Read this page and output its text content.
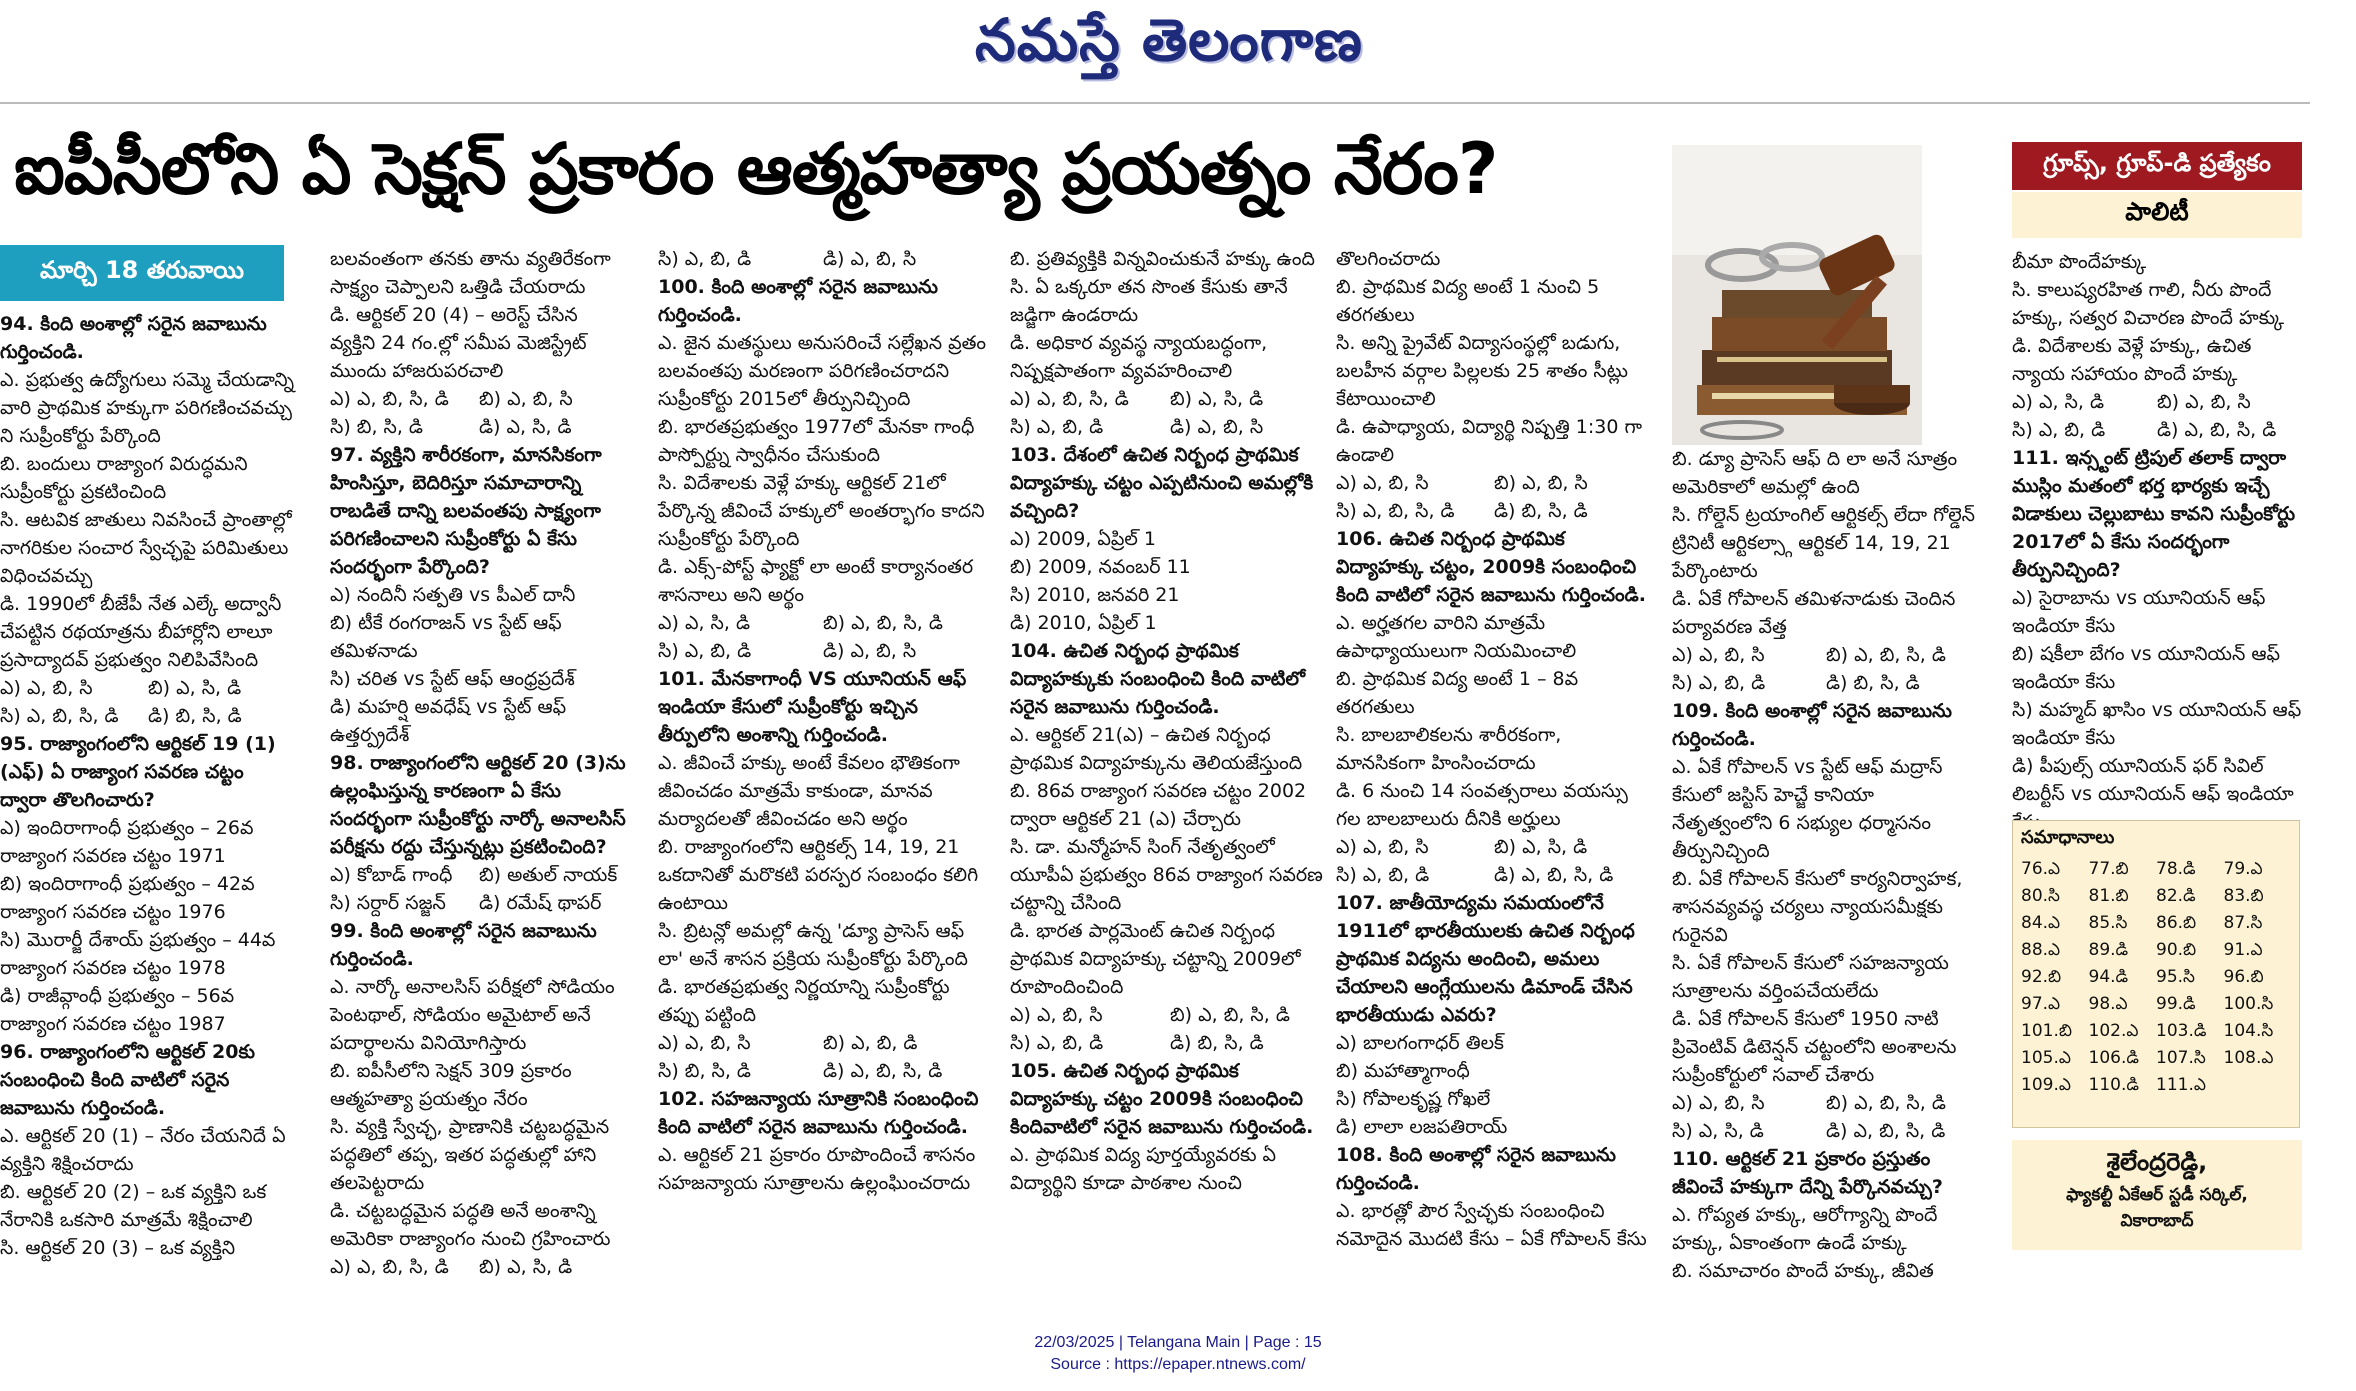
నమస్తే తెలంగాణ
ఐపీసీలోని ఏ సెక్షన్ ప్రకారం ఆత్మహత్యా ప్రయత్నం నేరం?
మార్చి 18 తరువాయి

94. కింది అంశాల్లో సరైన జవాబును గుర్తించండి.

ఎ. ప్రభుత్వ ఉద్యోగులు సమ్మె చేయడాన్ని వారి ప్రాథమిక హక్కుగా పరిగణించవచ్చు ని సుప్రీంకోర్టు పేర్కొంది

బి. బందులు రాజ్యాంగ విరుద్ధమని సుప్రీంకోర్టు ప్రకటించింది

సి. ఆటవిక జాతులు నివసించే ప్రాంతాల్లో నాగరికుల సంచార స్వేచ్ఛపై పరిమితులు విధించవచ్చు

డి. 1990లో బీజేపీ నేత ఎల్కే అద్వానీ చేపట్టిన రథయాత్రను బీహార్లోని లాలూ ప్రసాద్యాదవ్ ప్రభుత్వం నిలిపివేసింది

ఎ) ఎ, బి, సి	బి) ఎ, సి, డి
సి) ఎ, బి, సి, డి	డి) బి, సి, డి

95. రాజ్యాంగంలోని ఆర్టికల్ 19 (1) (ఎఫ్) ఏ రాజ్యాంగ సవరణ చట్టం ద్వారా తొలగించారు?

ఎ) ఇందిరాగాంధీ ప్రభుత్వం – 26వ రాజ్యాంగ సవరణ చట్టం 1971

బి) ఇందిరాగాంధీ ప్రభుత్వం – 42వ రాజ్యాంగ సవరణ చట్టం 1976

సి) మొరార్జీ దేశాయ్ ప్రభుత్వం – 44వ రాజ్యాంగ సవరణ చట్టం 1978

డి) రాజీవ్గాంధీ ప్రభుత్వం – 56వ రాజ్యాంగ సవరణ చట్టం 1987

96. రాజ్యాంగంలోని ఆర్టికల్ 20కు సంబంధించి కింది వాటిలో సరైన జవాబును గుర్తించండి.

ఎ. ఆర్టికల్ 20 (1) – నేరం చేయనిదే ఏ వ్యక్తిని శిక్షించరాదు

బి. ఆర్టికల్ 20 (2) – ఒక వ్యక్తిని ఒక నేరానికి ఒకసారి మాత్రమే శిక్షించాలి

సి. ఆర్టికల్ 20 (3) – ఒక వ్యక్తిని

బలవంతంగా తనకు తాను వ్యతిరేకంగా సాక్ష్యం చెప్పాలని ఒత్తిడి చేయరాదు

డి. ఆర్టికల్ 20 (4) – అరెస్ట్ చేసిన వ్యక్తిని 24 గం.ల్లో సమీప మెజిస్ట్రేట్ ముందు హాజరుపరచాలి

ఎ) ఎ, బి, సి, డి	బి) ఎ, బి, సి
సి) బి, సి, డి	డి) ఎ, సి, డి

97. వ్యక్తిని శారీరకంగా, మానసికంగా హింసిస్తూ, బెదిరిస్తూ సమాచారాన్ని రాబడితే దాన్ని బలవంతపు సాక్ష్యంగా పరిగణించాలని సుప్రీంకోర్టు ఏ కేసు సందర్భంగా పేర్కొంది?

ఎ) నందినీ సత్పతి vs పీఎల్ దానీ

బి) టీకే రంగరాజన్ vs స్టేట్ ఆఫ్ తమిళనాడు

సి) చరిత vs స్టేట్ ఆఫ్ ఆంధ్రప్రదేశ్

డి) మహర్షి అవధేష్ vs స్టేట్ ఆఫ్ ఉత్తర్ప్రదేశ్

98. రాజ్యాంగంలోని ఆర్టికల్ 20 (3)ను ఉల్లంఘిస్తున్న కారణంగా ఏ కేసు సందర్భంగా సుప్రీంకోర్టు నార్కో అనాలసిస్ పరీక్షను రద్దు చేస్తున్నట్లు ప్రకటించింది?

ఎ) కోబాడ్ గాంధీ	బి) అతుల్ నాయక్
సి) సర్దార్ సజ్జన్	డి) రమేష్ థాపర్

99. కింది అంశాల్లో సరైన జవాబును గుర్తించండి.

ఎ. నార్కో అనాలసిస్ పరీక్షలో సోడియం పెంటథాల్, సోడియం అమైటాల్ అనే పదార్థాలను వినియోగిస్తారు

బి. ఐపీసీలోని సెక్షన్ 309 ప్రకారం ఆత్మహత్యా ప్రయత్నం నేరం

సి. వ్యక్తి స్వేచ్ఛ, ప్రాణానికి చట్టబద్ధమైన పద్ధతిలో తప్ప, ఇతర పద్ధతుల్లో హాని తలపెట్టరాదు

డి. చట్టబద్ధమైన పద్ధతి అనే అంశాన్ని అమెరికా రాజ్యాంగం నుంచి గ్రహించారు

ఎ) ఎ, బి, సి, డి	బి) ఎ, సి, డి
సి) ఎ, బి, డి	డి) ఎ, బి, సి

100. కింది అంశాల్లో సరైన జవాబును గుర్తించండి.

ఎ. జైన మతస్థులు అనుసరించే సల్లేఖన వ్రతం బలవంతపు మరణంగా పరిగణించరాదని సుప్రీంకోర్టు 2015లో తీర్పునిచ్చింది

బి. భారతప్రభుత్వం 1977లో మేనకా గాంధీ పాస్పోర్ట్ను స్వాధీనం చేసుకుంది

సి. విదేశాలకు వెళ్లే హక్కు ఆర్టికల్ 21లో పేర్కొన్న జీవించే హక్కులో అంతర్భాగం కాదని సుప్రీంకోర్టు పేర్కొంది

డి. ఎక్స్-పోస్ట్ ఫ్యాక్టో లా అంటే కార్యానంతర శాసనాలు అని అర్థం

ఎ) ఎ, సి, డి	బి) ఎ, బి, సి, డి
సి) ఎ, బి, డి	డి) ఎ, బి, సి

101. మేనకాగాంధీ VS యూనియన్ ఆఫ్ ఇండియా కేసులో సుప్రీంకోర్టు ఇచ్చిన తీర్పులోని అంశాన్ని గుర్తించండి.

ఎ. జీవించే హక్కు అంటే కేవలం భౌతికంగా జీవించడం మాత్రమే కాకుండా, మానవ మర్యాదలతో జీవించడం అని అర్థం

బి. రాజ్యాంగంలోని ఆర్టికల్స్ 14, 19, 21 ఒకదానితో మరొకటి పరస్పర సంబంధం కలిగి ఉంటాయి

సి. బ్రిటన్లో అమల్లో ఉన్న 'డ్యూ ప్రాసెస్ ఆఫ్ లా' అనే శాసన ప్రక్రియ సుప్రీంకోర్టు పేర్కొంది

డి. భారతప్రభుత్వ నిర్ణయాన్ని సుప్రీంకోర్టు తప్పు పట్టింది

ఎ) ఎ, బి, సి	బి) ఎ, బి, డి
సి) బి, సి, డి	డి) ఎ, బి, సి, డి

102. సహజన్యాయ సూత్రానికి సంబంధించి కింది వాటిలో సరైన జవాబును గుర్తించండి.

ఎ. ఆర్టికల్ 21 ప్రకారం రూపొందించే శాసనం సహజన్యాయ సూత్రాలను ఉల్లంఘించరాదు

బి. ప్రతివ్యక్తికి విన్నవించుకునే హక్కు ఉంది

సి. ఏ ఒక్కరూ తన సొంత కేసుకు తానే జడ్జిగా ఉండరాదు

డి. అధికార వ్యవస్థ న్యాయబద్ధంగా, నిష్పక్షపాతంగా వ్యవహరించాలి

ఎ) ఎ, బి, సి, డి	బి) ఎ, సి, డి
సి) ఎ, బి, డి	డి) ఎ, బి, సి

103. దేశంలో ఉచిత నిర్బంధ ప్రాథమిక విద్యాహక్కు చట్టం ఎప్పటినుంచి అమల్లోకి వచ్చింది?

ఎ) 2009, ఏప్రిల్ 1

బి) 2009, నవంబర్ 11

సి) 2010, జనవరి 21

డి) 2010, ఏప్రిల్ 1

104. ఉచిత నిర్బంధ ప్రాథమిక విద్యాహక్కుకు సంబంధించి కింది వాటిలో సరైన జవాబును గుర్తించండి.

ఎ. ఆర్టికల్ 21(ఎ) – ఉచిత నిర్బంధ ప్రాథమిక విద్యాహక్కును తెలియజేస్తుంది

బి. 86వ రాజ్యాంగ సవరణ చట్టం 2002 ద్వారా ఆర్టికల్ 21 (ఎ) చేర్చారు

సి. డా. మన్మోహన్ సింగ్ నేతృత్వంలో యూపీఏ ప్రభుత్వం 86వ రాజ్యాంగ సవరణ చట్టాన్ని చేసింది

డి. భారత పార్లమెంట్ ఉచిత నిర్బంధ ప్రాథమిక విద్యాహక్కు చట్టాన్ని 2009లో రూపొందించింది

ఎ) ఎ, బి, సి	బి) ఎ, బి, సి, డి
సి) ఎ, బి, డి	డి) బి, సి, డి

105. ఉచిత నిర్బంధ ప్రాథమిక విద్యాహక్కు చట్టం 2009కి సంబంధించి కిందివాటిలో సరైన జవాబును గుర్తించండి.

ఎ. ప్రాథమిక విద్య పూర్తయ్యేవరకు ఏ విద్యార్థిని కూడా పాఠశాల నుంచి

తొలగించరాదు

బి. ప్రాథమిక విద్య అంటే 1 నుంచి 5 తరగతులు

సి. అన్ని ప్రైవేట్ విద్యాసంస్థల్లో బడుగు, బలహీన వర్గాల పిల్లలకు 25 శాతం సీట్లు కేటాయించాలి

డి. ఉపాధ్యాయ, విద్యార్థి నిష్పత్తి 1:30 గా ఉండాలి

ఎ) ఎ, బి, సి	బి) ఎ, బి, సి
సి) ఎ, బి, సి, డి	డి) బి, సి, డి

106. ఉచిత నిర్బంధ ప్రాథమిక విద్యాహక్కు చట్టం, 2009కి సంబంధించి కింది వాటిలో సరైన జవాబును గుర్తించండి.

ఎ. అర్హతగల వారిని మాత్రమే ఉపాధ్యాయులుగా నియమించాలి

బి. ప్రాథమిక విద్య అంటే 1 – 8వ తరగతులు

సి. బాలబాలికలను శారీరకంగా, మానసికంగా హింసించరాదు

డి. 6 నుంచి 14 సంవత్సరాలు వయస్సు గల బాలబాలురు దీనికి అర్హులు

ఎ) ఎ, బి, సి	బి) ఎ, సి, డి
సి) ఎ, బి, డి	డి) ఎ, బి, సి, డి

107. జాతీయోద్యమ సమయంలోనే 1911లో భారతీయులకు ఉచిత నిర్బంధ ప్రాథమిక విద్యను అందించి, అమలు చేయాలని ఆంగ్లేయులను డిమాండ్ చేసిన భారతీయుడు ఎవరు?

ఎ) బాలగంగాధర్ తిలక్

బి) మహాత్మాగాంధీ

సి) గోపాలకృష్ణ గోఖలే

డి) లాలా లజపతిరాయ్

108. కింది అంశాల్లో సరైన జవాబును గుర్తించండి.

ఎ. భారత్లో పౌర స్వేచ్ఛకు సంబంధించి నమోదైన మొదటి కేసు – ఏకే గోపాలన్ కేసు

బి. డ్యూ ప్రాసెస్ ఆఫ్ ది లా అనే సూత్రం అమెరికాలో అమల్లో ఉంది

సి. గోల్డెన్ ట్రయాంగిల్ ఆర్టికల్స్ లేదా గోల్డెన్ ట్రినిటీ ఆర్టికల్స్గా ఆర్టికల్ 14, 19, 21 పేర్కొంటారు

డి. ఏకే గోపాలన్ తమిళనాడుకు చెందిన పర్యావరణ వేత్త

ఎ) ఎ, బి, సి	బి) ఎ, బి, సి, డి
సి) ఎ, బి, డి	డి) బి, సి, డి

109. కింది అంశాల్లో సరైన జవాబును గుర్తించండి.

ఎ. ఏకే గోపాలన్ vs స్టేట్ ఆఫ్ మద్రాస్ కేసులో జస్టిస్ హెచ్జే కానియా నేతృత్వంలోని 6 సభ్యుల ధర్మాసనం తీర్పునిచ్చింది

బి. ఏకే గోపాలన్ కేసులో కార్యనిర్వాహక, శాసనవ్యవస్థ చర్యలు న్యాయసమీక్షకు గురైనవి

సి. ఏకే గోపాలన్ కేసులో సహజన్యాయ సూత్రాలను వర్తింపచేయలేదు

డి. ఏకే గోపాలన్ కేసులో 1950 నాటి ప్రివెంటివ్ డిటెన్షన్ చట్టంలోని అంశాలను సుప్రీంకోర్టులో సవాల్ చేశారు

ఎ) ఎ, బి, సి	బి) ఎ, బి, సి, డి
సి) ఎ, సి, డి	డి) ఎ, బి, సి, డి

110. ఆర్టికల్ 21 ప్రకారం ప్రస్తుతం జీవించే హక్కుగా దేన్ని పేర్కొనవచ్చు?

ఎ. గోప్యత హక్కు, ఆరోగ్యాన్ని పొందే హక్కు, ఏకాంతంగా ఉండే హక్కు

బి. సమాచారం పొందే హక్కు, జీవిత

బీమా పొందేహక్కు

సి. కాలుష్యరహిత గాలి, నీరు పొందే హక్కు, సత్వర విచారణ పొందే హక్కు

డి. విదేశాలకు వెళ్లే హక్కు, ఉచిత న్యాయ సహాయం పొందే హక్కు

ఎ) ఎ, సి, డి	బి) ఎ, బి, సి
సి) ఎ, బి, డి	డి) ఎ, బి, సి, డి

111. ఇన్స్టంట్ ట్రిపుల్ తలాక్ ద్వారా ముస్లిం మతంలో భర్త భార్యకు ఇచ్చే విడాకులు చెల్లుబాటు కావని సుప్రీంకోర్టు 2017లో ఏ కేసు సందర్భంగా తీర్పునిచ్చింది?

ఎ) సైరాబాను vs యూనియన్ ఆఫ్ ఇండియా కేసు

బి) షకీలా బేగం vs యూనియన్ ఆఫ్ ఇండియా కేసు

సి) మహ్మద్ ఖాసిం vs యూనియన్ ఆఫ్ ఇండియా కేసు

డి) పీపుల్స్ యూనియన్ ఫర్ సివిల్ లిబర్టీస్ vs యూనియన్ ఆఫ్ ఇండియా

గ్రూప్స్, గ్రూప్-డి ప్రత్యేకం
పాలిటీ
సమాధానాలు
76.ఎ	77.బి	78.డి	79.ఎ
80.సి	81.బి	82.డి	83.బి
84.ఎ	85.సి	86.బి	87.సి
88.ఎ	89.డి	90.బి	91.ఎ
92.బి	94.డి	95.సి	96.బి
97.ఎ	98.ఎ	99.డి	100.సి
101.బి 102.ఎ	103.డి	104.సి
105.ఎ	106.డి	107.సి	108.ఎ
109.ఎ	110.డి	111.ఎ
శైలేంద్రరెడ్డి,
ఫ్యాకల్టీ ఏకేఆర్ స్టడీ సర్కిల్,
వికారాబాద్
22/03/2025 | Telangana Main | Page : 15
Source : https://epaper.ntnews.com/
